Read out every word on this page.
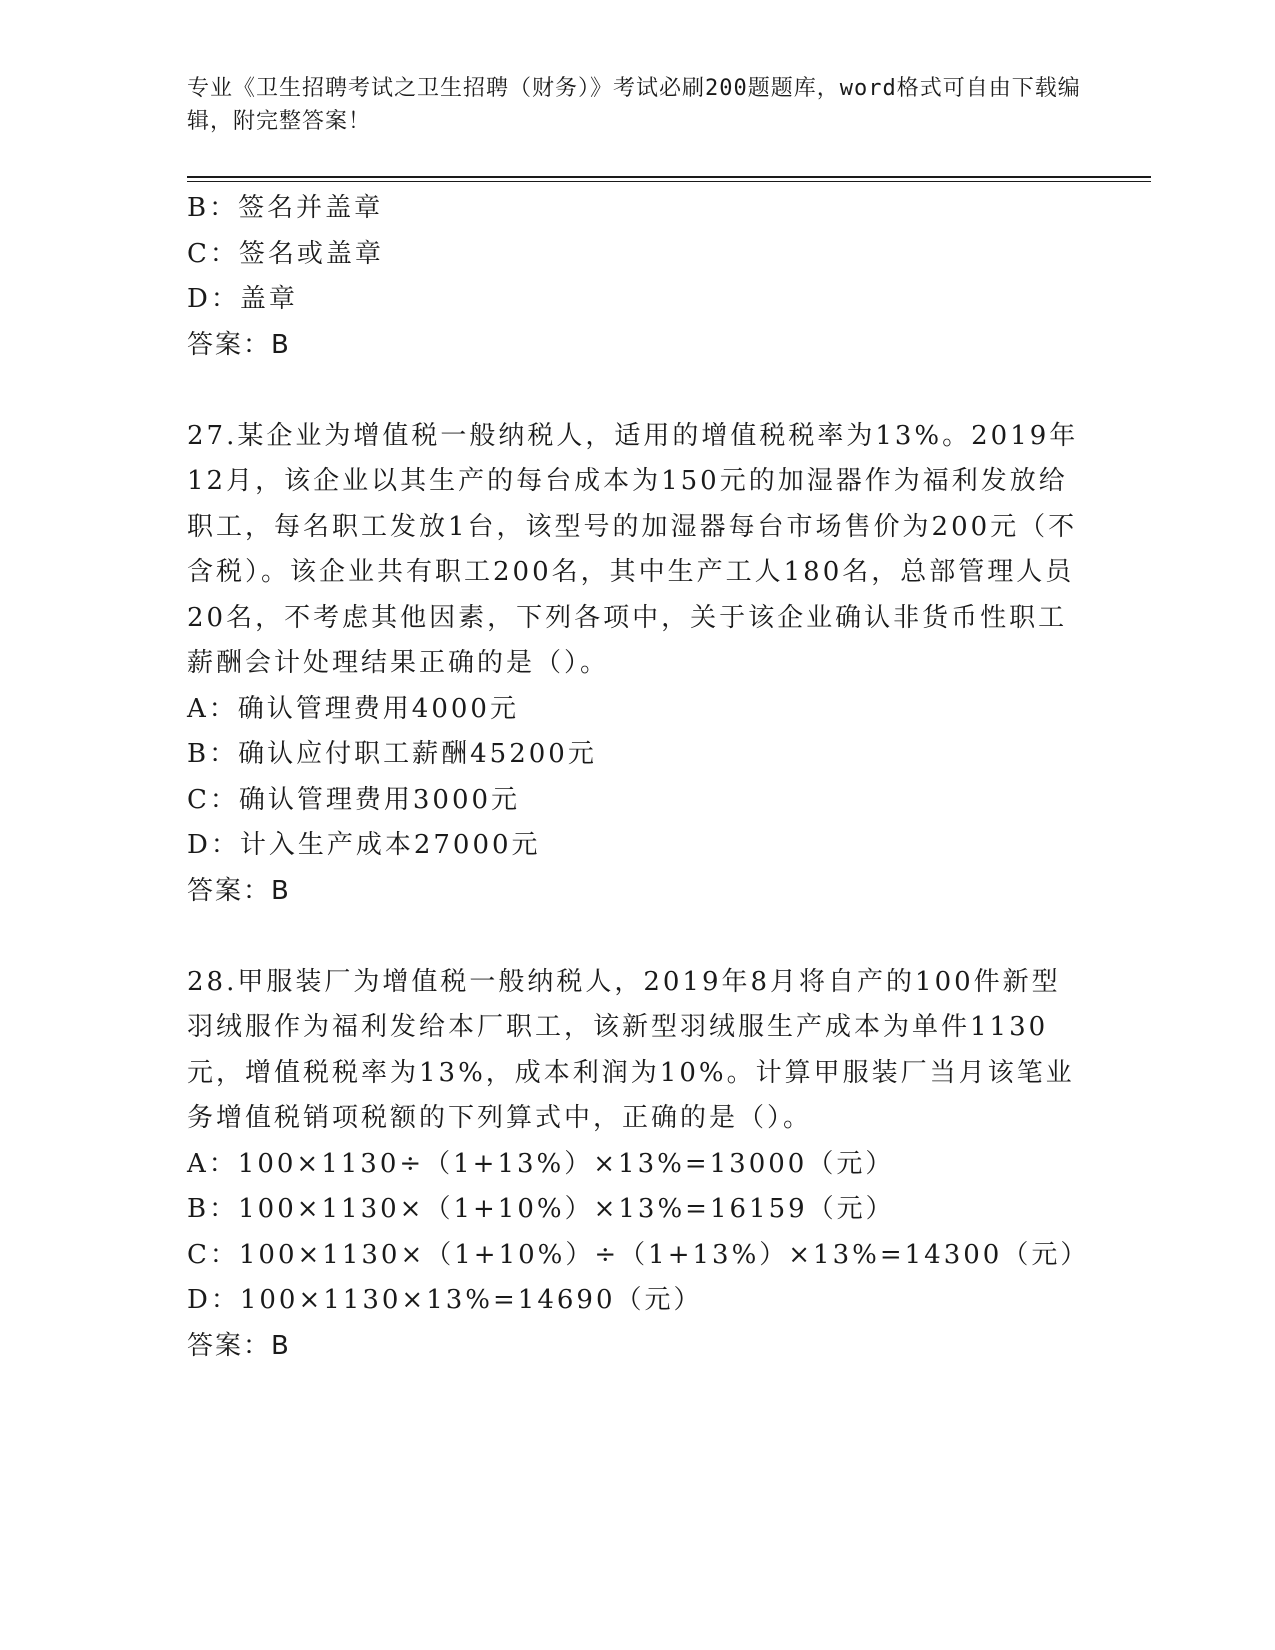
专业《卫生招聘考试之卫生招聘（财务）》考试必刷200题题库，word格式可自由下载编辑，附完整答案！
B：签名并盖章
C：签名或盖章
D：盖章
答案：B
27.某企业为增值税一般纳税人，适用的增值税税率为13%。2019年12月，该企业以其生产的每台成本为150元的加湿器作为福利发放给职工，每名职工发放1台，该型号的加湿器每台市场售价为200元（不含税）。该企业共有职工200名，其中生产工人180名，总部管理人员20名，不考虑其他因素，下列各项中，关于该企业确认非货币性职工薪酬会计处理结果正确的是（）。
A：确认管理费用4000元
B：确认应付职工薪酬45200元
C：确认管理费用3000元
D：计入生产成本27000元
答案：B
28.甲服装厂为增值税一般纳税人，2019年8月将自产的100件新型羽绒服作为福利发给本厂职工，该新型羽绒服生产成本为单件1130元，增值税税率为13%，成本利润为10%。计算甲服装厂当月该笔业务增值税销项税额的下列算式中，正确的是（）。
A：100×1130÷（1+13%）×13%=13000（元）
B：100×1130×（1+10%）×13%=16159（元）
C：100×1130×（1+10%）÷（1+13%）×13%=14300（元）
D：100×1130×13%=14690（元）
答案：B
